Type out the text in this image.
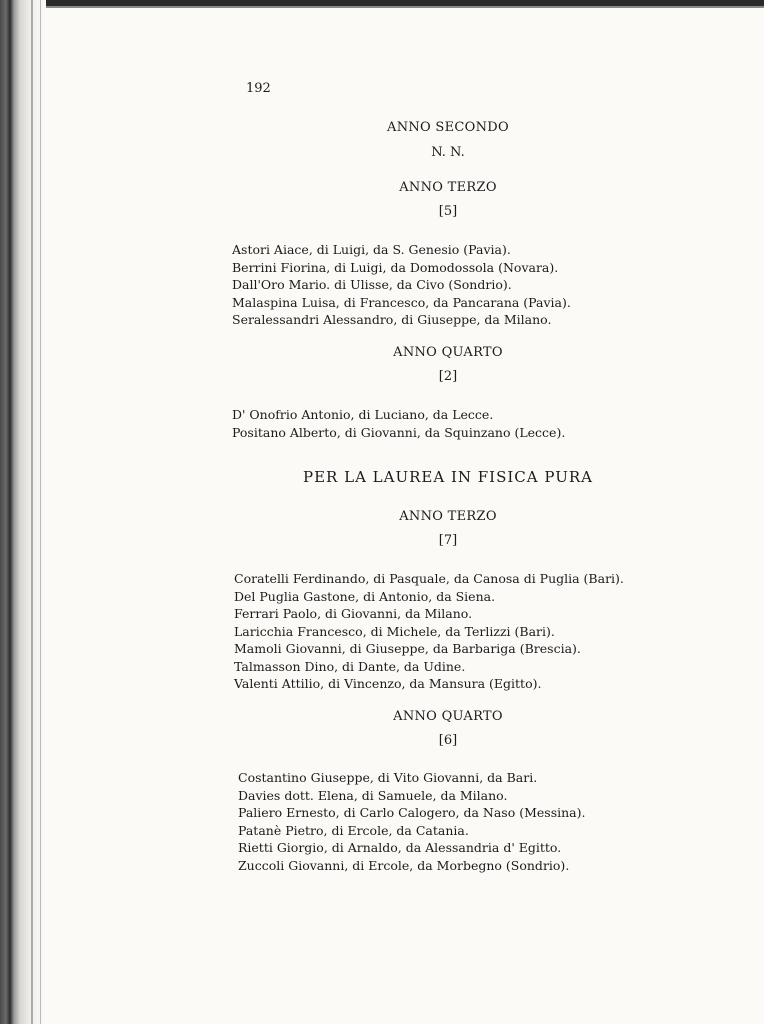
192
ANNO SECONDO
N. N.
ANNO TERZO
[5]
Astori Aiace, di Luigi, da S. Genesio (Pavia).
Berrini Fiorina, di Luigi, da Domodossola (Novara).
Dall'Oro Mario. di Ulisse, da Civo (Sondrio).
Malaspina Luisa, di Francesco, da Pancarana (Pavia).
Seralessandri Alessandro, di Giuseppe, da Milano.
ANNO QUARTO
[2]
D' Onofrio Antonio, di Luciano, da Lecce.
Positano Alberto, di Giovanni, da Squinzano (Lecce).
PER LA LAUREA IN FISICA PURA
ANNO TERZO
[7]
Coratelli Ferdinando, di Pasquale, da Canosa di Puglia (Bari).
Del Puglia Gastone, di Antonio, da Siena.
Ferrari Paolo, di Giovanni, da Milano.
Laricchia Francesco, di Michele, da Terlizzi (Bari).
Mamoli Giovanni, di Giuseppe, da Barbariga (Brescia).
Talmasson Dino, di Dante, da Udine.
Valenti Attilio, di Vincenzo, da Mansura (Egitto).
ANNO QUARTO
[6]
Costantino Giuseppe, di Vito Giovanni, da Bari.
Davies dott. Elena, di Samuele, da Milano.
Paliero Ernesto, di Carlo Calogero, da Naso (Messina).
Patanè Pietro, di Ercole, da Catania.
Rietti Giorgio, di Arnaldo, da Alessandria d' Egitto.
Zuccoli Giovanni, di Ercole, da Morbegno (Sondrio).
